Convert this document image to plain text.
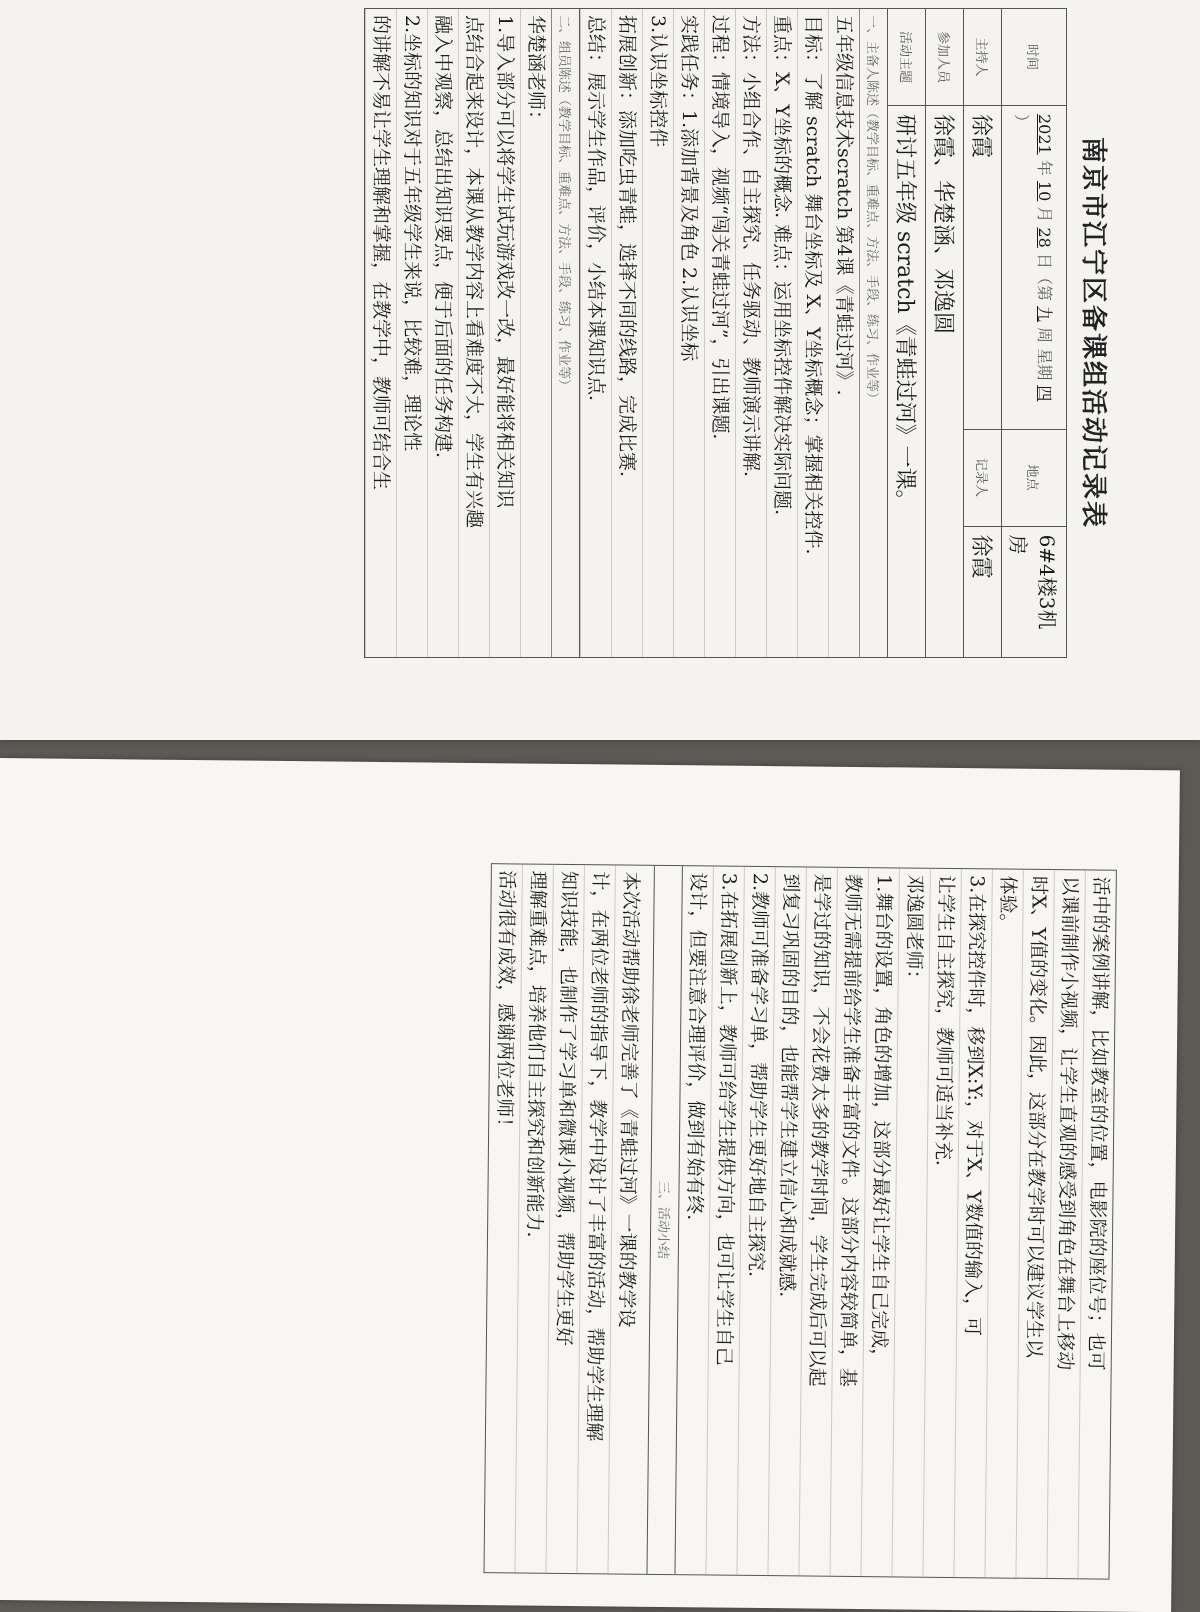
南京市江宁区备课组活动记录表
时间	2021 年 10 月 28 日（第 九 周 星期 四 ）	地点	6#4楼3机房
主持人	徐霞	记录人	徐霞
参加人员	徐霞、华楚涵、邓逸圆		
活动主题	研讨五年级 scratch《青蛙过河》一课。		
一、主备人陈述（教学目标、重难点、方法、手段、练习、作业等）
五年级信息技术scratch 第4课《青蛙过河》.
目标：了解 scratch 舞台坐标及 X、Y坐标概念；掌握相关控件.
重点：X、Y坐标的概念. 难点：运用坐标控件解决实际问题.
方法：小组合作、自主探究、任务驱动、教师演示讲解.
过程：情境导入，视频“闯关青蛙过河”，引出课题.
实践任务：1.添加背景及角色 2.认识坐标
3.认识坐标控件
拓展创新：添加吃虫青蛙，选择不同的线路，完成比赛.
总结：展示学生作品，评价，小结本课知识点.
二、组员陈述（教学目标、重难点、方法、手段、练习、作业等）
华楚涵老师：
1.导入部分可以将学生试玩游戏改一改，最好能将相关知识
点结合起来设计，本课从教学内容上看难度不大，学生有兴趣
融入中观察，总结出知识要点，便于后面的任务构建.
2.坐标的知识对于五年级学生来说，比较难，理论性
的讲解不易让学生理解和掌握，在教学中，教师可结合生
活中的案例讲解，比如教室的位置，电影院的座位号；也可
以课前制作小视频，让学生直观的感受到角色在舞台上移动
时X、Y值的变化。因此，这部分在教学时可以建议学生以
体验。
3.在探究控件时，移到X:Y:，对于X、Y数值的输入，可
让学生自主探究，教师可适当补充.
邓逸圆老师：
1.舞台的设置，角色的增加，这部分最好让学生自己完成，
教师无需提前给学生准备丰富的文件。这部分内容较简单，基
是学过的知识，不会花费太多的教学时间，学生完成后可以起
到复习巩固的目的，也能帮学生建立信心和成就感.
2.教师可准备学习单，帮助学生更好地自主探究.
3.在拓展创新上，教师可给学生提供方向，也可让学生自己
设计，但要注意合理评价，做到有始有终.
三、活动小结
本次活动帮助徐老师完善了《青蛙过河》一课的教学设
计，在两位老师的指导下，教学中设计了丰富的活动，帮助学生理解
知识技能，也制作了学习单和微课小视频，帮助学生更好
理解重难点，培养他们自主探究和创新能力.
活动很有成效，感谢两位老师！
